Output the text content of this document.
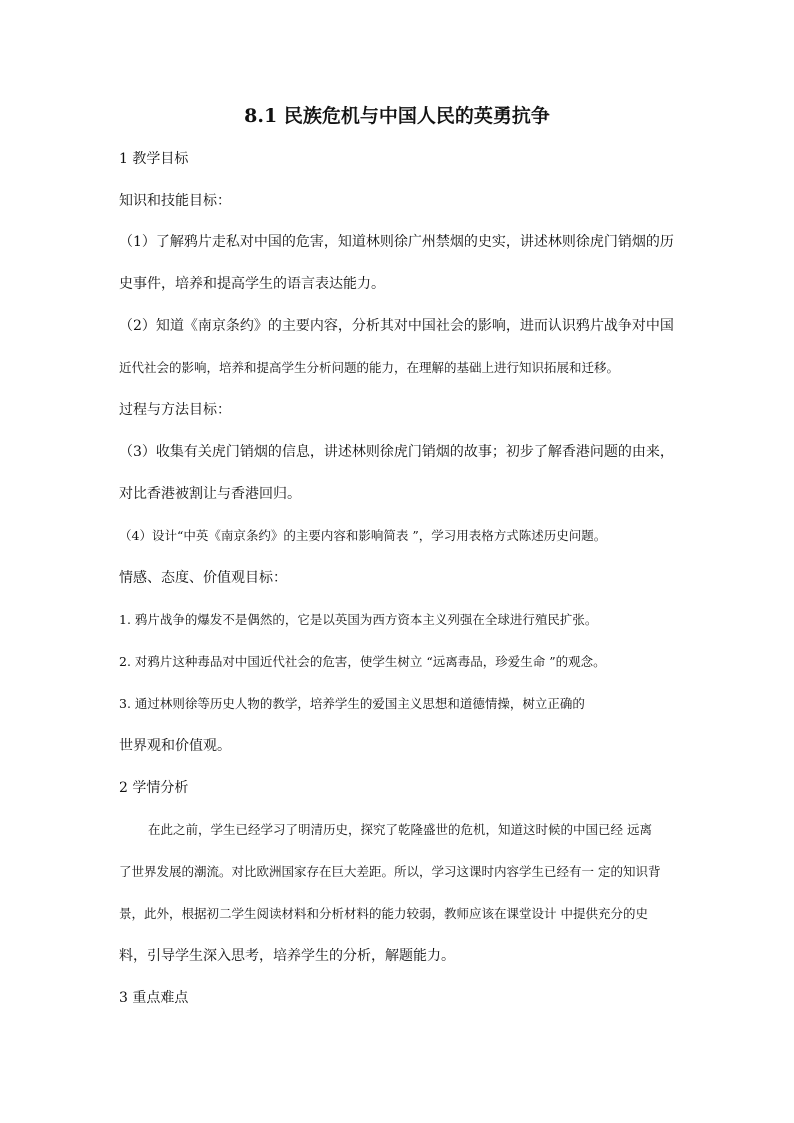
8.1 民族危机与中国人民的英勇抗争
1 教学目标
知识和技能目标：
（1）了解鸦片走私对中国的危害，知道林则徐广州禁烟的史实，讲述林则徐虎门销烟的历
史事件，培养和提高学生的语言表达能力。
（2）知道《南京条约》的主要内容，分析其对中国社会的影响，进而认识鸦片战争对中国
近代社会的影响，培养和提高学生分析问题的能力，在理解的基础上进行知识拓展和迁移。
过程与方法目标：
（3）收集有关虎门销烟的信息，讲述林则徐虎门销烟的故事；初步了解香港问题的由来，
对比香港被割让与香港回归。
（4）设计“中英《南京条约》的主要内容和影响简表 ”，学习用表格方式陈述历史问题。
情感、态度、价值观目标：
1. 鸦片战争的爆发不是偶然的，它是以英国为西方资本主义列强在全球进行殖民扩张。
2. 对鸦片这种毒品对中国近代社会的危害，使学生树立 “远离毒品，珍爱生命 ”的观念。
3. 通过林则徐等历史人物的教学，培养学生的爱国主义思想和道德情操，树立正确的
世界观和价值观。
2 学情分析
在此之前，学生已经学习了明清历史，探究了乾隆盛世的危机，知道这时候的中国已经 远离
了世界发展的潮流。对比欧洲国家存在巨大差距。所以，学习这课时内容学生已经有一 定的知识背
景，此外，根据初二学生阅读材料和分析材料的能力较弱，教师应该在课堂设计 中提供充分的史
料，引导学生深入思考，培养学生的分析，解题能力。
3 重点难点
